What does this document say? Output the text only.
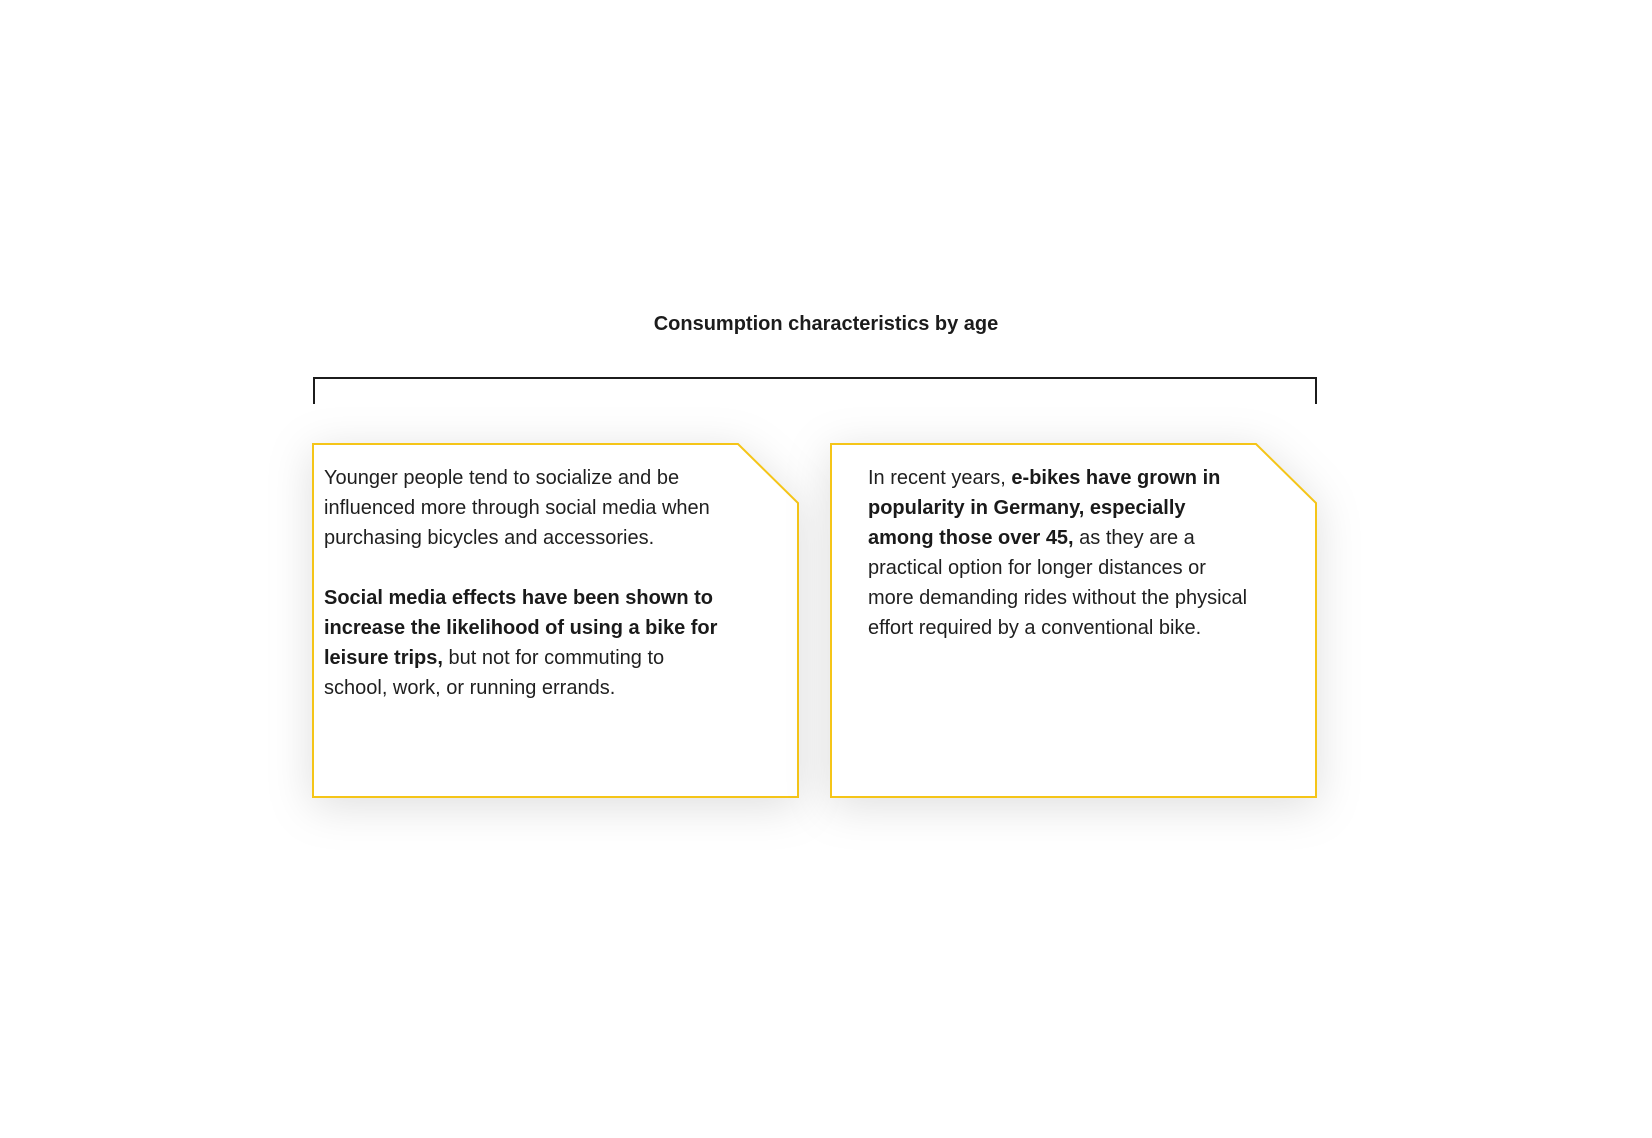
Consumption characteristics by age

Younger people tend to socialize and be influenced more through social media when purchasing bicycles and accessories.

Social media effects have been shown to increase the likelihood of using a bike for leisure trips, but not for commuting to school, work, or running errands.

In recent years, e-bikes have grown in popularity in Germany, especially among those over 45, as they are a practical option for longer distances or more demanding rides without the physical effort required by a conventional bike.
